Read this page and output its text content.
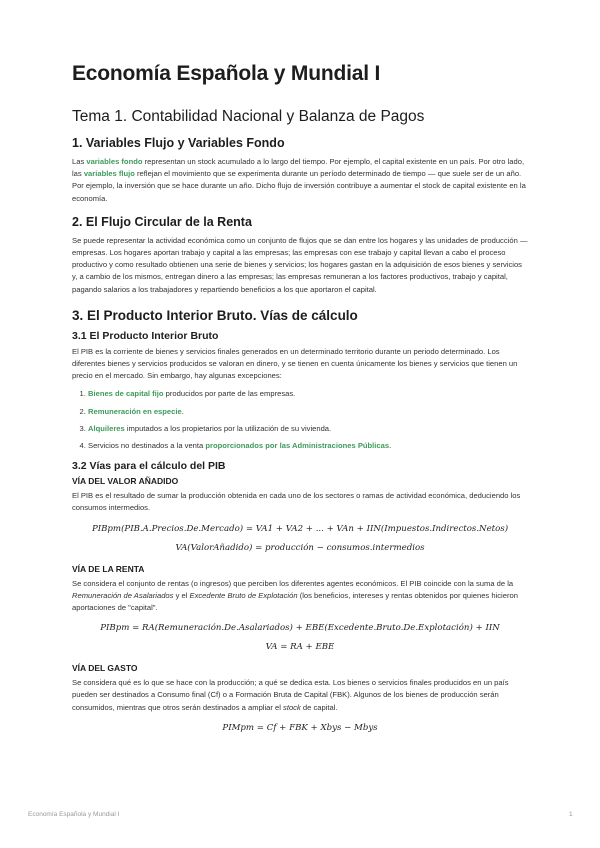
Economía Española y Mundial I
Tema 1. Contabilidad Nacional y Balanza de Pagos
1. Variables Flujo y Variables Fondo

Las variables fondo representan un stock acumulado a lo largo del tiempo. Por ejemplo, el capital existente en un país. Por otro lado, las variables flujo reflejan el movimiento que se experimenta durante un período determinado de tiempo — que suele ser de un año. Por ejemplo, la inversión que se hace durante un año. Dicho flujo de inversión contribuye a aumentar el stock de capital existente en la economía.

2. El Flujo Circular de la Renta

Se puede representar la actividad económica como un conjunto de flujos que se dan entre los hogares y las unidades de producción — empresas. Los hogares aportan trabajo y capital a las empresas; las empresas con ese trabajo y capital llevan a cabo el proceso productivo y como resultado obtienen una serie de bienes y servicios; los hogares gastan en la adquisición de esos bienes y servicios y, a cambio de los mismos, entregan dinero a las empresas; las empresas remuneran a los factores productivos, trabajo y capital, pagando salarios a los trabajadores y repartiendo beneficios a los que aportaron el capital.

3. El Producto Interior Bruto. Vías de cálculo
3.1 El Producto Interior Bruto

El PIB es la corriente de bienes y servicios finales generados en un determinado territorio durante un periodo determinado. Los diferentes bienes y servicios producidos se valoran en dinero, y se tienen en cuenta únicamente los bienes y servicios que tienen un precio en el mercado. Sin embargo, hay algunas excepciones:

1. Bienes de capital fijo producidos por parte de las empresas.
2. Remuneración en especie.
3. Alquileres imputados a los propietarios por la utilización de su vivienda.
4. Servicios no destinados a la venta proporcionados por las Administraciones Públicas.
3.2 Vías para el cálculo del PIB
VÍA DEL VALOR AÑADIDO

El PIB es el resultado de sumar la producción obtenida en cada uno de los sectores o ramas de actividad económica, deduciendo los consumos intermedios.

PIBpm(PIB.A.Precios.De.Mercado) = VA1 + VA2 + ... + VAn + IIN(Impuestos.Indirectos.Netos)
VA(ValorAñadido) = producción − consumos.intermedios
VÍA DE LA RENTA

Se considera el conjunto de rentas (o ingresos) que perciben los diferentes agentes económicos. El PIB coincide con la suma de la Remuneración de Asalariados y el Excedente Bruto de Explotación (los beneficios, intereses y rentas obtenidos por quienes hicieron aportaciones de "capital".

PIBpm = RA(Remuneración.De.Asalariados) + EBE(Excedente.Bruto.De.Explotación) + IIN
VA = RA + EBE
VÍA DEL GASTO

Se considera qué es lo que se hace con la producción; a qué se dedica esta. Los bienes o servicios finales producidos en un país pueden ser destinados a Consumo final (Cf) o a Formación Bruta de Capital (FBK). Algunos de los bienes de producción serán consumidos, mientras que otros serán destinados a ampliar el stock de capital.

PIMpm = Cf + FBK + Xbys − Mbys
Economía Española y Mundial I	1
